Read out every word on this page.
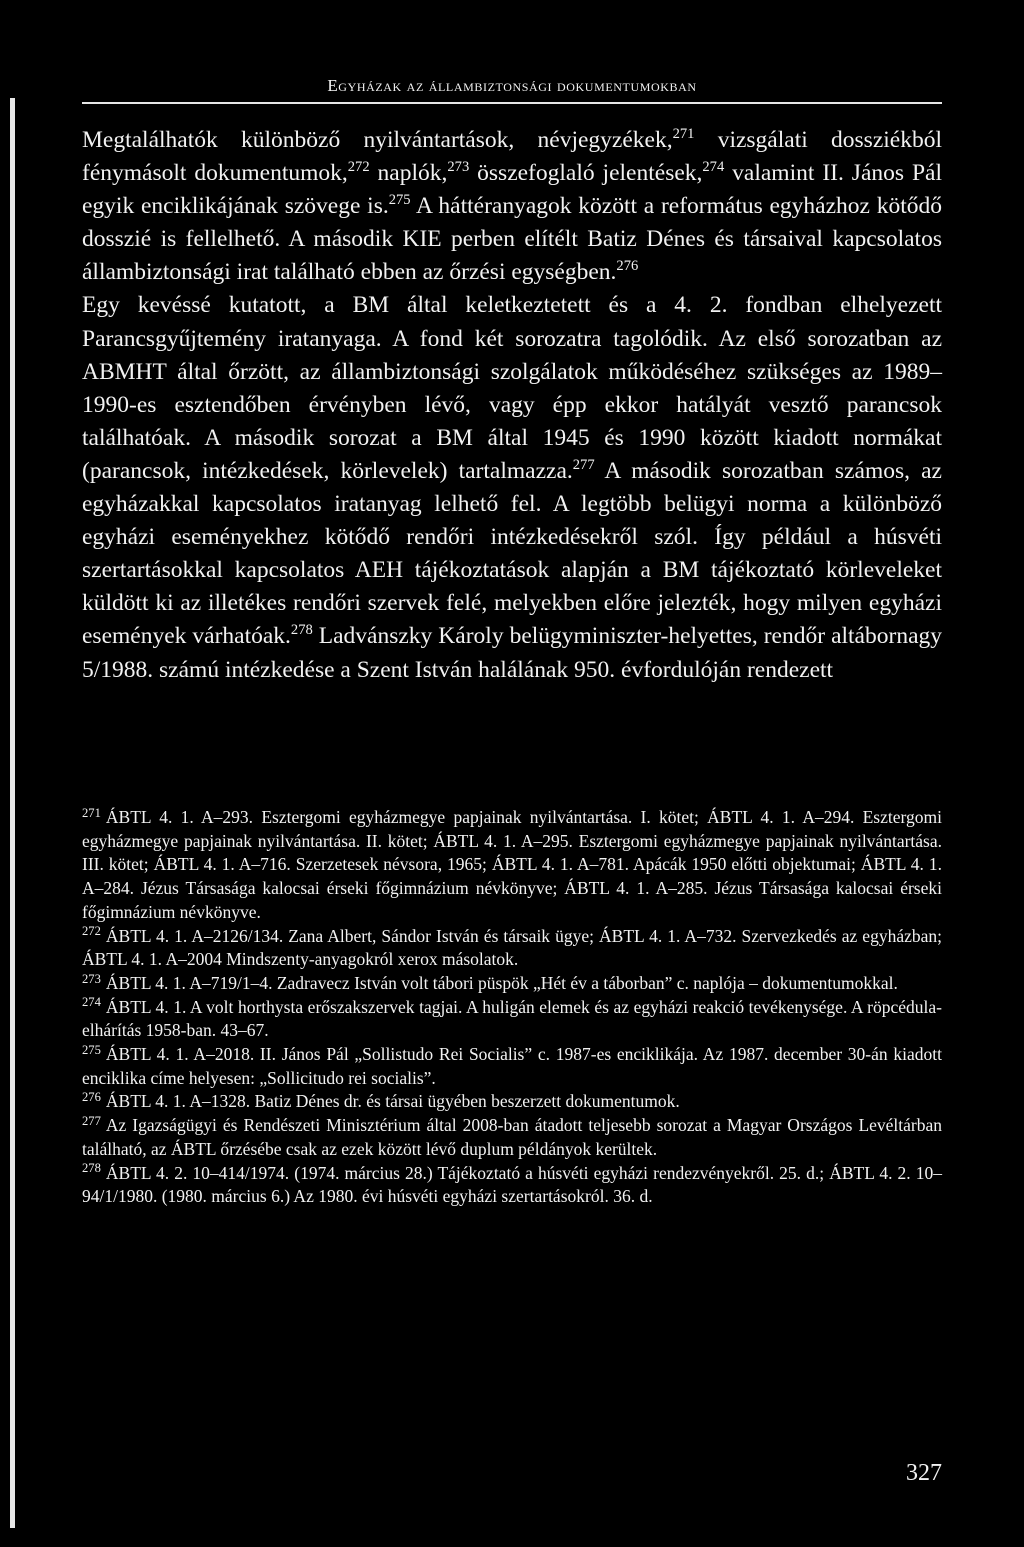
Egyházak az állambiztonsági dokumentumokban

Megtalálhatók különböző nyilvántartások, névjegyzékek,$^{271}$ vizsgálati dossziékból fénymásolt dokumentumok,$^{272}$ naplók,$^{273}$ összefoglaló jelentések,$^{274}$ valamint II. János Pál egyik enciklikájának szövege is.$^{275}$ A háttéranyagok között a református egyházhoz kötődő dosszié is fellelhető. A második KIE perben elítélt Batiz Dénes és társaival kapcsolatos állambiztonsági irat található ebben az őrzési egységben.$^{276}$

Egy kevéssé kutatott, a BM által keletkeztetett és a 4. 2. fondban elhelyezett Parancsgyűjtemény iratanyaga. A fond két sorozatra tagolódik. Az első sorozatban az ABMHT által őrzött, az állambiztonsági szolgálatok működéséhez szükséges az 1989–1990-es esztendőben érvényben lévő, vagy épp ekkor hatályát vesztő parancsok találhatóak. A második sorozat a BM által 1945 és 1990 között kiadott normákat (parancsok, intézkedések, körlevelek) tartalmazza.$^{277}$ A második sorozatban számos, az egyházakkal kapcsolatos iratanyag lelhető fel. A legtöbb belügyi norma a különböző egyházi eseményekhez kötődő rendőri intézkedésekről szól. Így például a húsvéti szertartásokkal kapcsolatos AEH tájékoztatások alapján a BM tájékoztató körleveleket küldött ki az illetékes rendőri szervek felé, melyekben előre jelezték, hogy milyen egyházi események várhatóak.$^{278}$ Ladvánszky Károly belügyminiszter-helyettes, rendőr altábornagy 5/1988. számú intézkedése a Szent István halálának 950. évfordulóján rendezett

$^{271}$ ÁBTL 4. 1. A–293. Esztergomi egyházmegye papjainak nyilvántartása. I. kötet; ÁBTL 4. 1. A–294. Esztergomi egyházmegye papjainak nyilvántartása. II. kötet; ÁBTL 4. 1. A–295. Esztergomi egyházmegye papjainak nyilvántartása. III. kötet; ÁBTL 4. 1. A–716. Szerzetesek névsora, 1965; ÁBTL 4. 1. A–781. Apácák 1950 előtti objektumai; ÁBTL 4. 1. A–284. Jézus Társasága kalocsai érseki főgimnázium névkönyve; ÁBTL 4. 1. A–285. Jézus Társasága kalocsai érseki főgimnázium névkönyve.

$^{272}$ ÁBTL 4. 1. A–2126/134. Zana Albert, Sándor István és társaik ügye; ÁBTL 4. 1. A–732. Szervezkedés az egyházban; ÁBTL 4. 1. A–2004 Mindszenty-anyagokról xerox másolatok.

$^{273}$ ÁBTL 4. 1. A–719/1–4. Zadravecz István volt tábori püspök „Hét év a táborban” c. naplója – dokumentumokkal.

$^{274}$ ÁBTL 4. 1. A volt horthysta erőszakszervek tagjai. A huligán elemek és az egyházi reakció tevékenysége. A röpcédula-elhárítás 1958-ban. 43–67.

$^{275}$ ÁBTL 4. 1. A–2018. II. János Pál „Sollistudo Rei Socialis” c. 1987-es enciklikája. Az 1987. december 30-án kiadott enciklika címe helyesen: „Sollicitudo rei socialis”.

$^{276}$ ÁBTL 4. 1. A–1328. Batiz Dénes dr. és társai ügyében beszerzett dokumentumok.

$^{277}$ Az Igazságügyi és Rendészeti Minisztérium által 2008-ban átadott teljesebb sorozat a Magyar Országos Levéltárban található, az ÁBTL őrzésébe csak az ezek között lévő duplum példányok kerültek.

$^{278}$ ÁBTL 4. 2. 10–414/1974. (1974. március 28.) Tájékoztató a húsvéti egyházi rendezvényekről. 25. d.; ÁBTL 4. 2. 10–94/1/1980. (1980. március 6.) Az 1980. évi húsvéti egyházi szertartásokról. 36. d.

327
